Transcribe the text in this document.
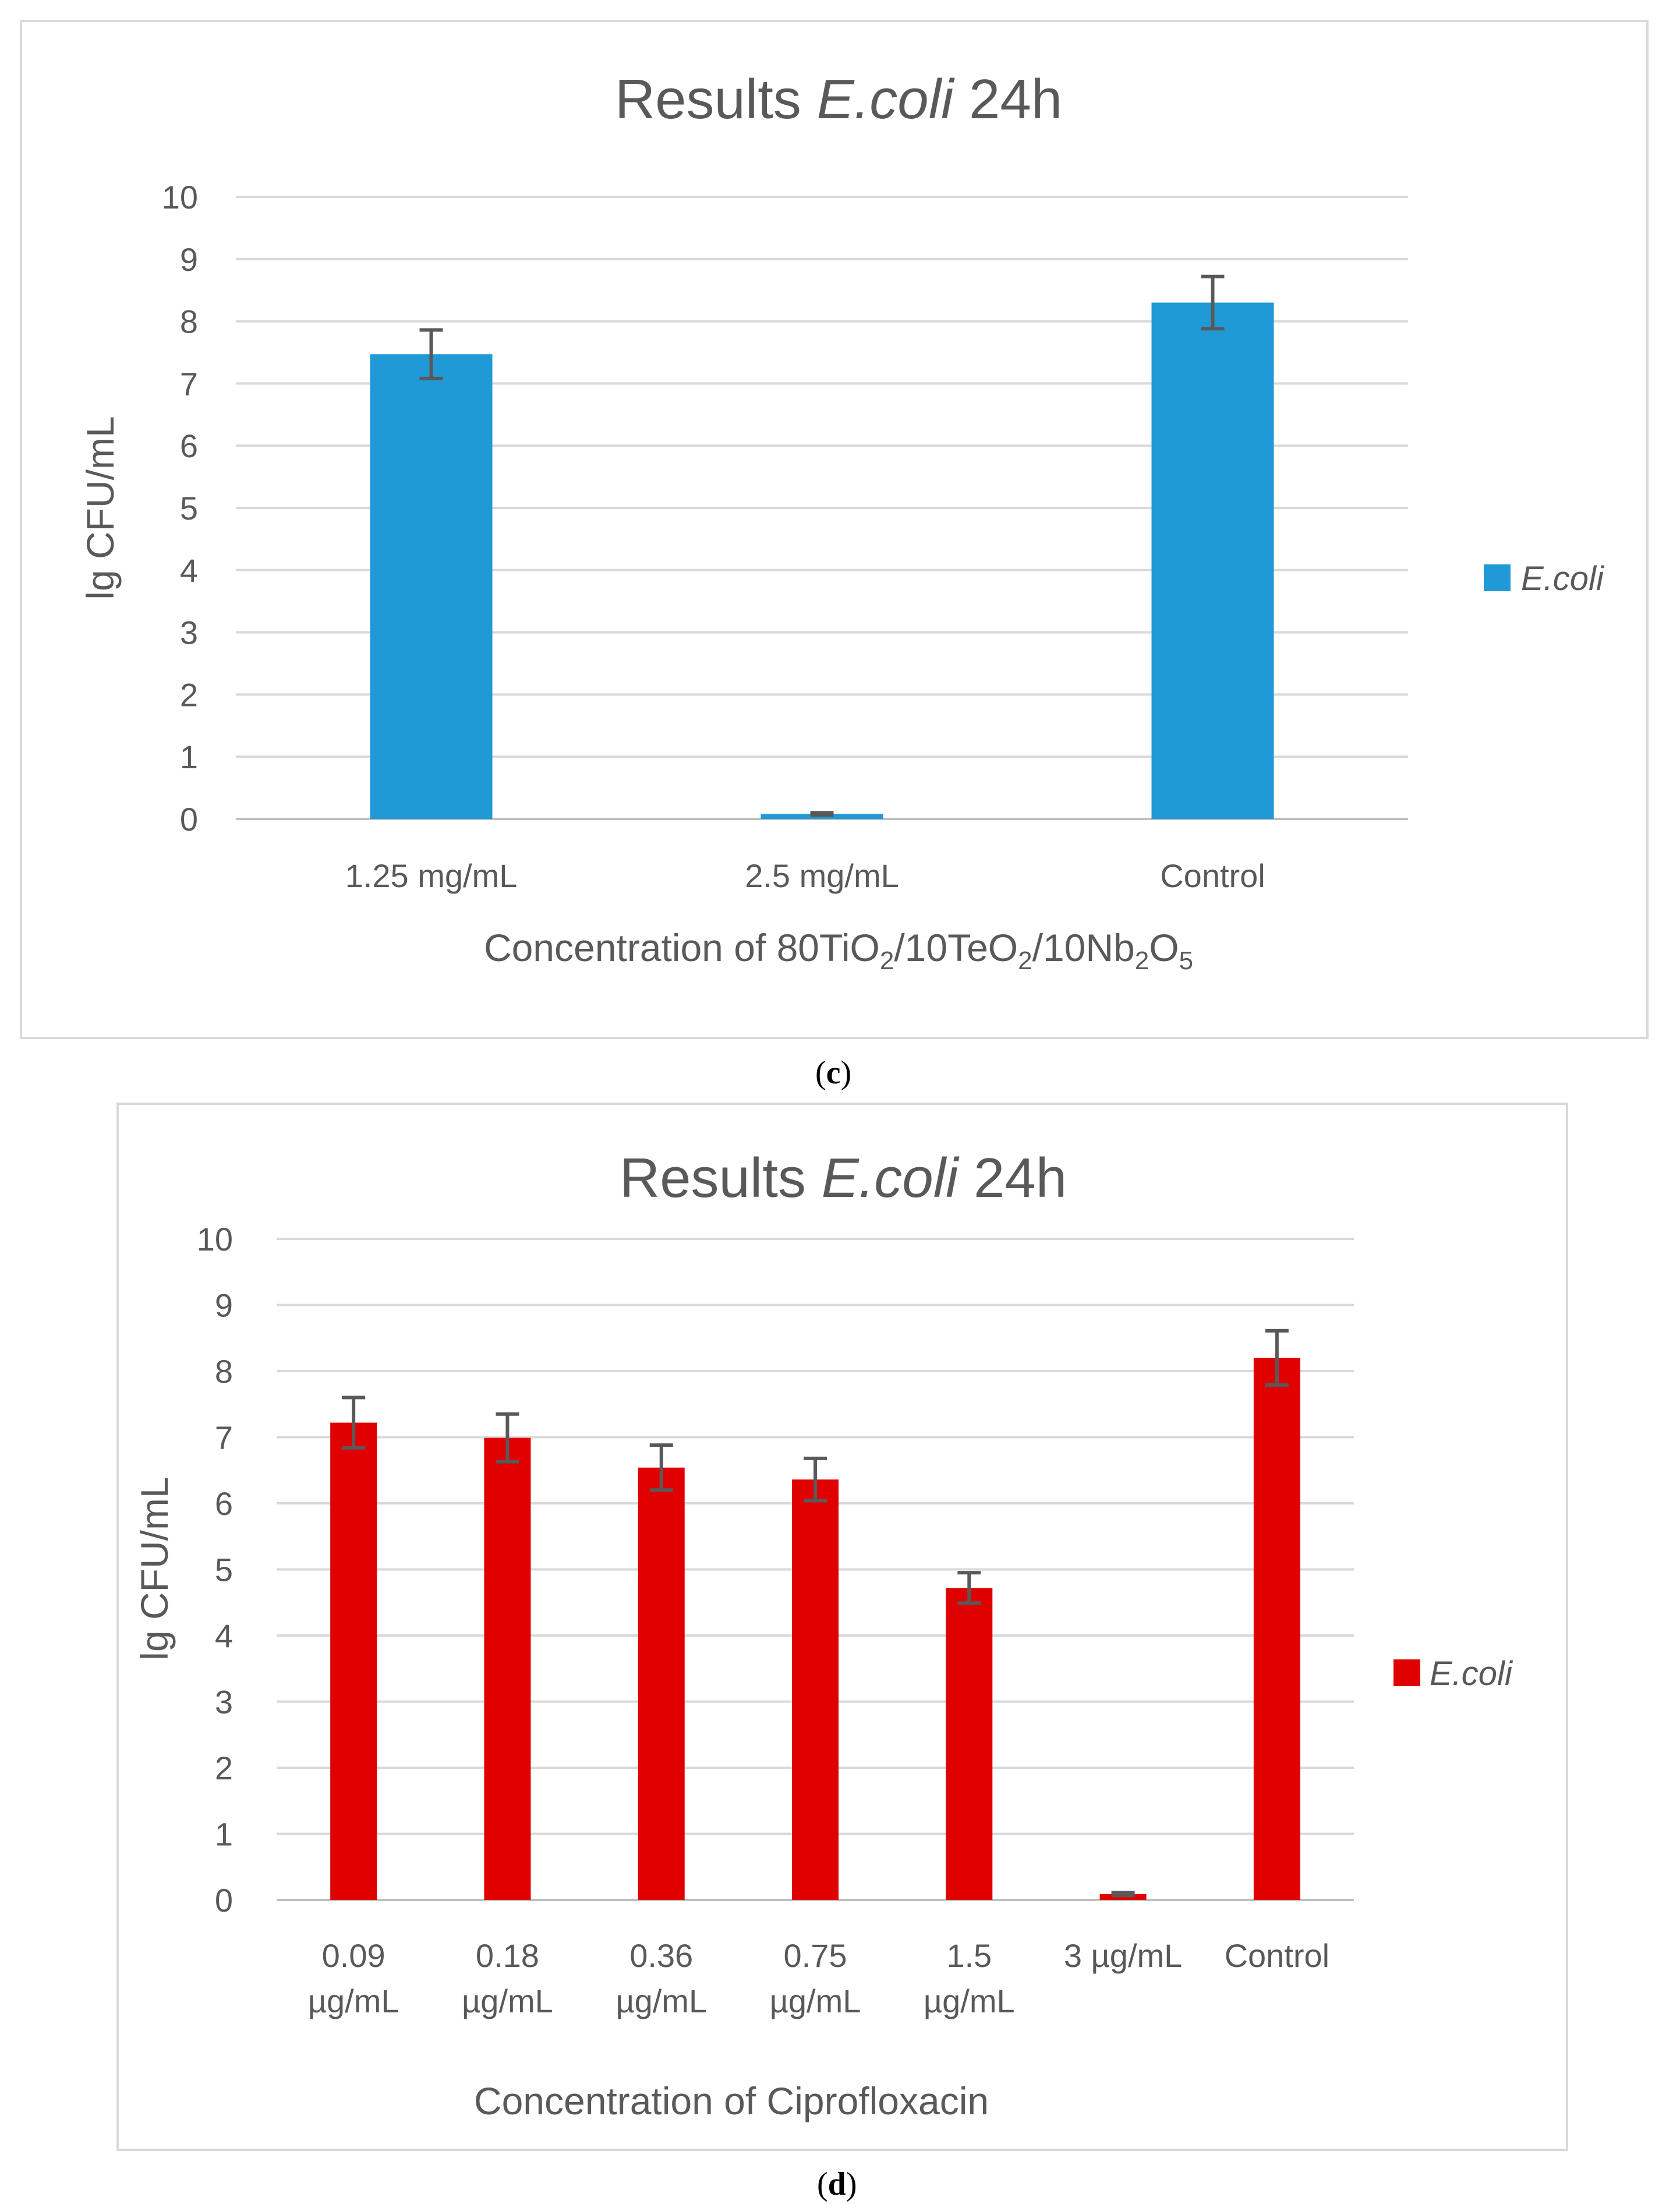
Results E.coli 24h
0
1
2
3
4
5
6
7
8
9
10
lg CFU/mL
1.25 mg/mL	2.5 mg/mL	Control
Concentration of $80TiO_2/10TeO_2/10Nb_2O_5$
E.coli
Results E.coli 24h
0
1
2
3
4
5
6
7
8
9
10
lg CFU/mL
0.09
µg/mL
0.18
µg/mL
0.36
µg/mL
0.75
µg/mL
1.5
µg/mL
3 µg/mL Control
Concentration of Ciprofloxacin
E.coli
(c)
(d)
